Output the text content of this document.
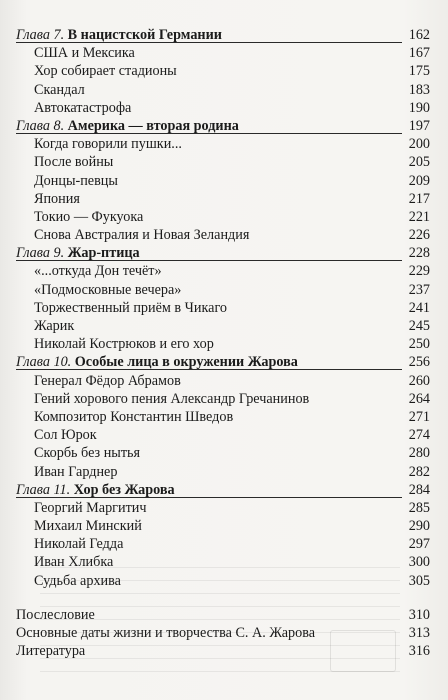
Глава 7. В нацистской Германии	162
США и Мексика	167
Хор собирает стадионы	175
Скандал	183
Автокатастрофа	190
Глава 8. Америка — вторая родина	197
Когда говорили пушки...	200
После войны	205
Донцы-певцы	209
Япония	217
Токио — Фукуока	221
Снова Австралия и Новая Зеландия	226
Глава 9. Жар-птица	228
«...откуда Дон течёт»	229
«Подмосковные вечера»	237
Торжественный приём в Чикаго	241
Жарик	245
Николай Кострюков и его хор	250
Глава 10. Особые лица в окружении Жарова	256
Генерал Фёдор Абрамов	260
Гений хорового пения Александр Гречанинов	264
Композитор Константин Шведов	271
Сол Юрок	274
Скорбь без нытья	280
Иван Гарднер	282
Глава 11. Хор без Жарова	284
Георгий Маргитич	285
Михаил Минский	290
Николай Гедда	297
Иван Хлибка	300
Судьба архива	305
Послесловие	310
Основные даты жизни и творчества С. А. Жарова	313
Литература	316
